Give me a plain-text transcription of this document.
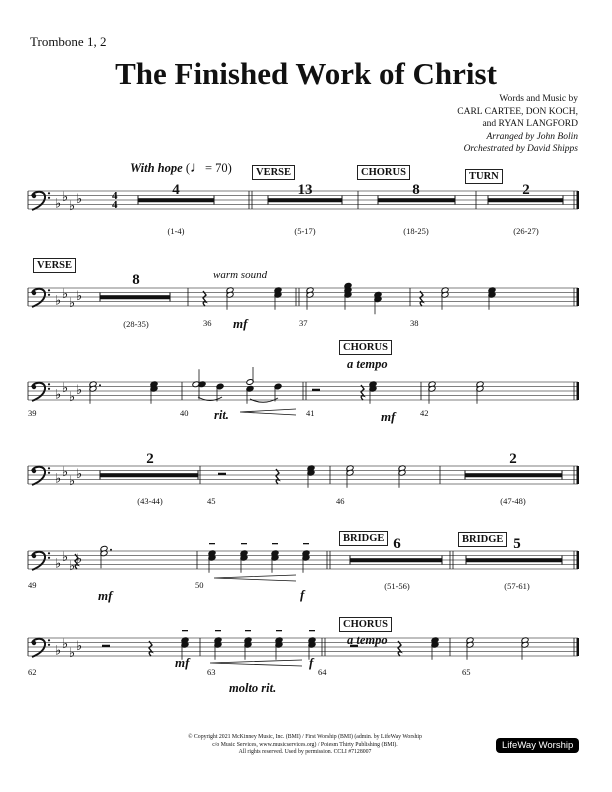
♭ ♭
♭ ♭	4
4
♭ ♭
♭ ♭
♭ ♭
♭ ♭
♭ ♭
♭ ♭
♭ ♭
♭ ♭
♭ ♭
♭ ♭
Trombone 1, 2
The Finished Work of Christ
Words and Music by
CARL CARTEE, DON KOCH,
and RYAN LANGFORD
Arranged by John Bolin
Orchestrated by David Shipps
With hope (♩= 70)	VERSE	CHORUS	TURN
VERSE
CHORUS
BRIDGE	BRIDGE
CHORUS
4
(1-4)
13
(5-17)
8
(18-25)
2
(26-27)
8
(28-35)
2
(43-44)
2
(47-48)
6
(51-56)
5
(57-61)
36	37	38
39	40	41	42
45	46
49	50
62	63	64	65
warm sound
rit.
a tempo
a tempo
molto rit.
mf
mf
mf	f
mf	f
© Copyright 2021 McKinney Music, Inc. (BMI) / First Worship (BMI) (admin. by LifeWay Worship
c/o Music Services, www.musicservices.org) / Poiesm Thirty Publishing (BMI).
All rights reserved. Used by permission. CCLI #7128007
LifeWay Worship
